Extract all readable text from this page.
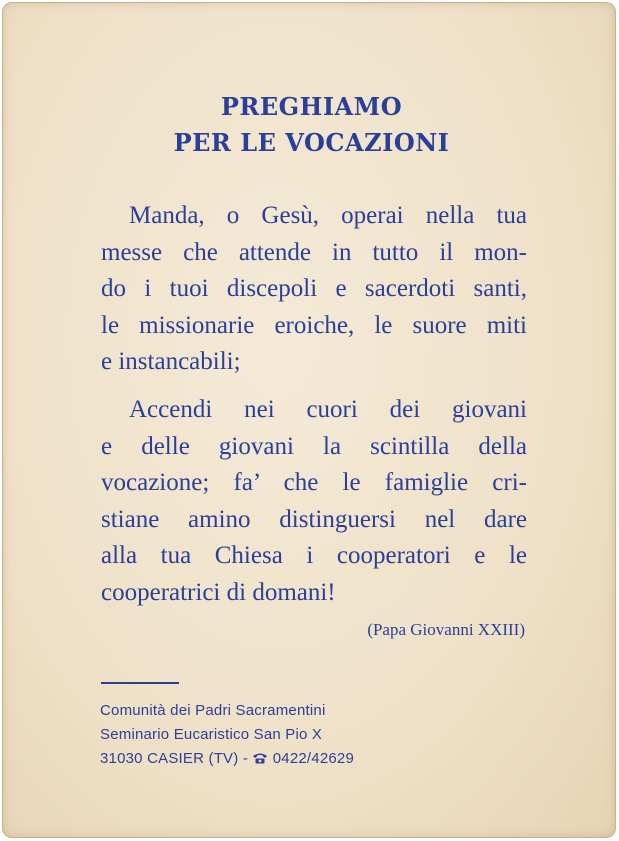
PREGHIAMO
PER LE VOCAZIONI
Manda, o Gesù, operai nella tua
messe che attende in tutto il mon-
do i tuoi discepoli e sacerdoti santi,
le missionarie eroiche, le suore miti
e instancabili;
Accendi nei cuori dei giovani
e delle giovani la scintilla della
vocazione; fa’ che le famiglie cri-
stiane amino distinguersi nel dare
alla tua Chiesa i cooperatori e le
cooperatrici di domani!
(Papa Giovanni XXIII)
Comunità dei Padri Sacramentini
Seminario Eucaristico San Pio X
31030 CASIER (TV) - 0422/42629
